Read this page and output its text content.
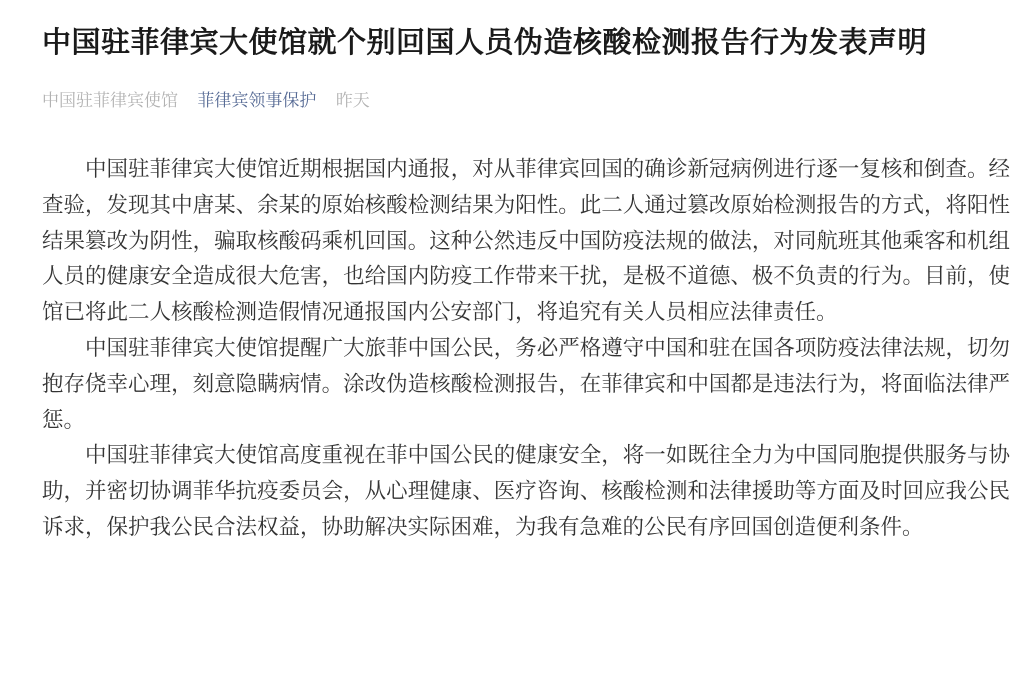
中国驻菲律宾大使馆就个别回国人员伪造核酸检测报告行为发表声明
中国驻菲律宾使馆 菲律宾领事保护 昨天

中国驻菲律宾大使馆近期根据国内通报，对从菲律宾回国的确诊新冠病例进行逐一复核和倒查。经查验，发现其中唐某、余某的原始核酸检测结果为阳性。此二人通过篡改原始检测报告的方式，将阳性结果篡改为阴性，骗取核酸码乘机回国。这种公然违反中国防疫法规的做法，对同航班其他乘客和机组人员的健康安全造成很大危害，也给国内防疫工作带来干扰，是极不道德、极不负责的行为。目前，使馆已将此二人核酸检测造假情况通报国内公安部门，将追究有关人员相应法律责任。

中国驻菲律宾大使馆提醒广大旅菲中国公民，务必严格遵守中国和驻在国各项防疫法律法规，切勿抱存侥幸心理，刻意隐瞒病情。涂改伪造核酸检测报告，在菲律宾和中国都是违法行为，将面临法律严惩。

中国驻菲律宾大使馆高度重视在菲中国公民的健康安全，将一如既往全力为中国同胞提供服务与协助，并密切协调菲华抗疫委员会，从心理健康、医疗咨询、核酸检测和法律援助等方面及时回应我公民诉求，保护我公民合法权益，协助解决实际困难，为我有急难的公民有序回国创造便利条件。
